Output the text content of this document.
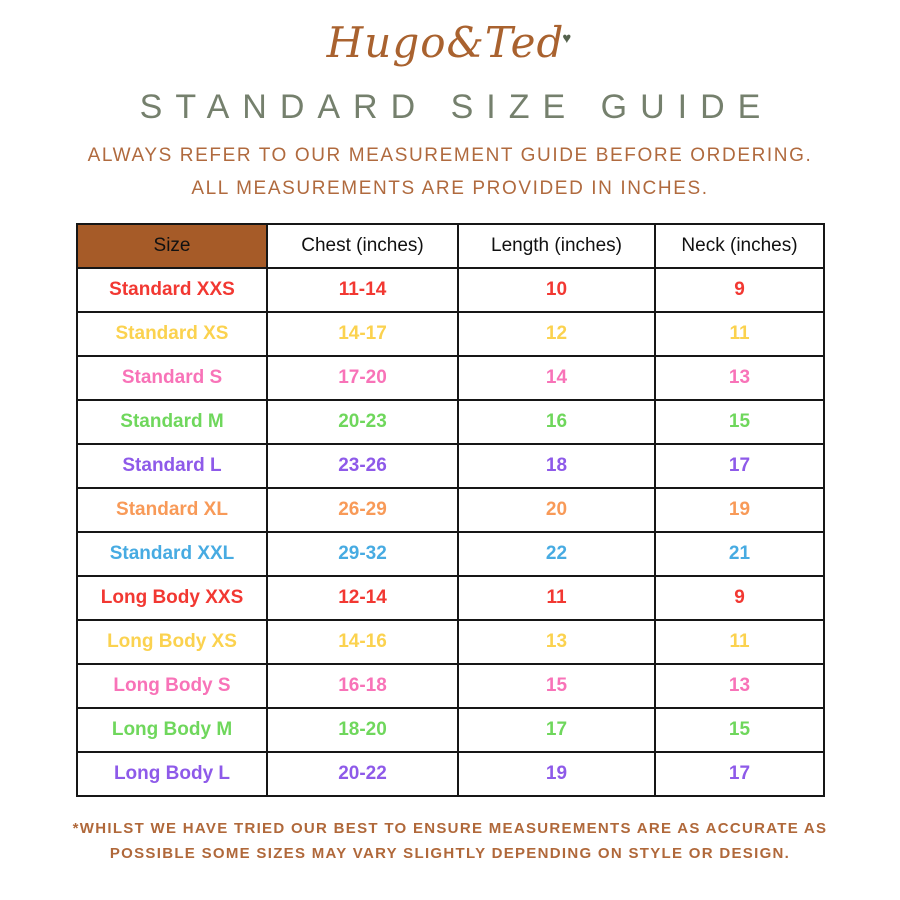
Hugo&Ted♥
STANDARD SIZE GUIDE
ALWAYS REFER TO OUR MEASUREMENT GUIDE BEFORE ORDERING.
ALL MEASUREMENTS ARE PROVIDED IN INCHES.
Size	Chest (inches)	Length (inches)	Neck (inches)
Standard XXS	11-14	10	9
Standard XS	14-17	12	11
Standard S	17-20	14	13
Standard M	20-23	16	15
Standard L	23-26	18	17
Standard XL	26-29	20	19
Standard XXL	29-32	22	21
Long Body XXS	12-14	11	9
Long Body XS	14-16	13	11
Long Body S	16-18	15	13
Long Body M	18-20	17	15
Long Body L	20-22	19	17
*WHILST WE HAVE TRIED OUR BEST TO ENSURE MEASUREMENTS ARE AS ACCURATE AS
POSSIBLE SOME SIZES MAY VARY SLIGHTLY DEPENDING ON STYLE OR DESIGN.
